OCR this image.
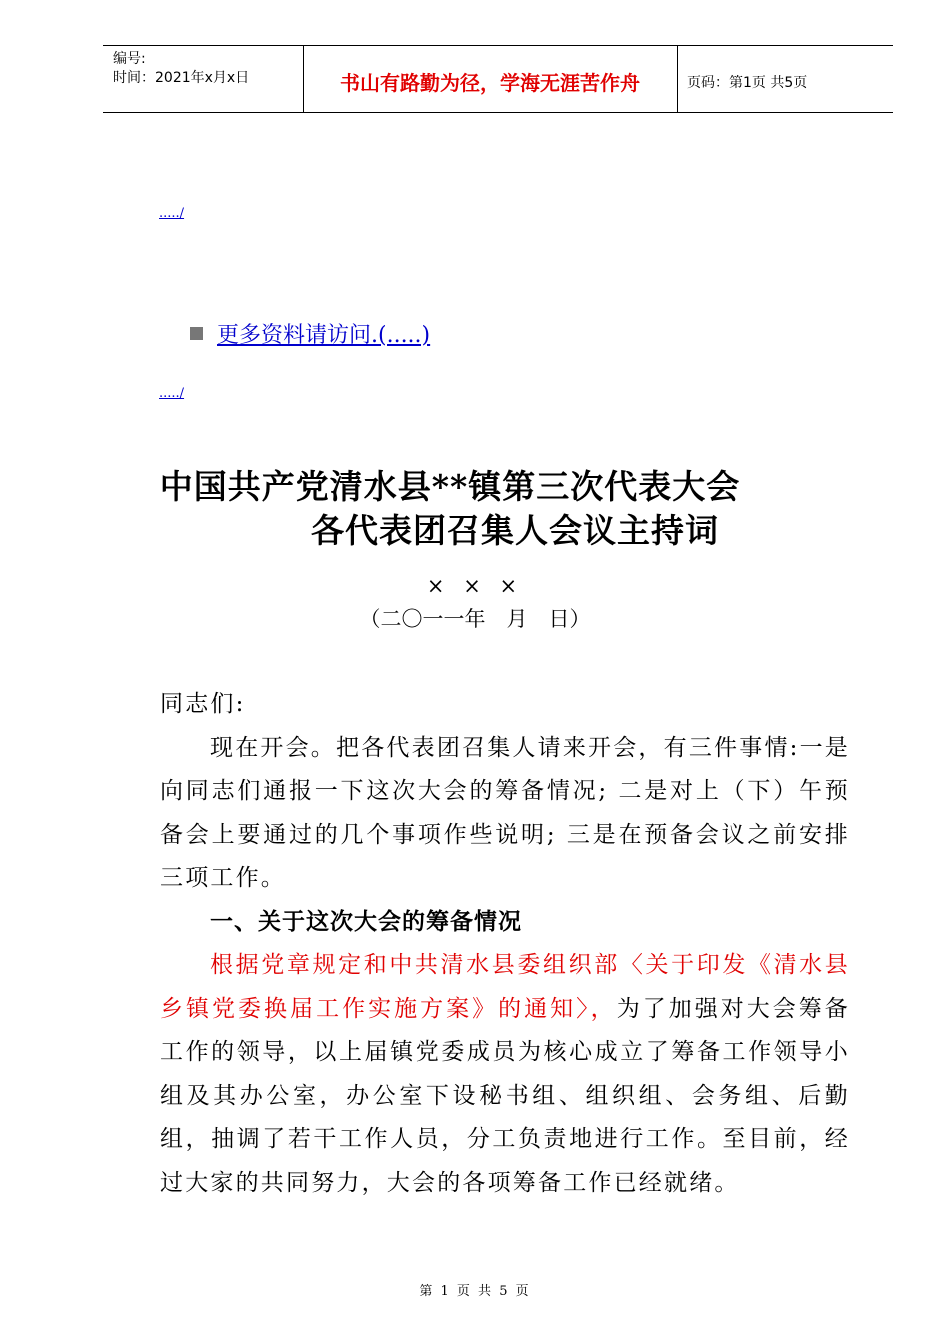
编号:
时间：2021年x月x日	书山有路勤为径，学海无涯苦作舟	页码：第1页 共5页
...../
更多资料请访问.(.....)
...../
中国共产党清水县**镇第三次代表大会
各代表团召集人会议主持词
× × ×
（二〇一一年　月　日）
同志们:
现在开会。把各代表团召集人请来开会，有三件事情:一是向同志们通报一下这次大会的筹备情况; 二是对上（下）午预备会上要通过的几个事项作些说明; 三是在预备会议之前安排三项工作。
一、关于这次大会的筹备情况
根据党章规定和中共清水县委组织部〈关于印发《清水县乡镇党委换届工作实施方案》的通知〉，为了加强对大会筹备工作的领导，以上届镇党委成员为核心成立了筹备工作领导小组及其办公室，办公室下设秘书组、组织组、会务组、后勤组，抽调了若干工作人员，分工负责地进行工作。至目前，经过大家的共同努力，大会的各项筹备工作已经就绪。
第 1 页 共 5 页
